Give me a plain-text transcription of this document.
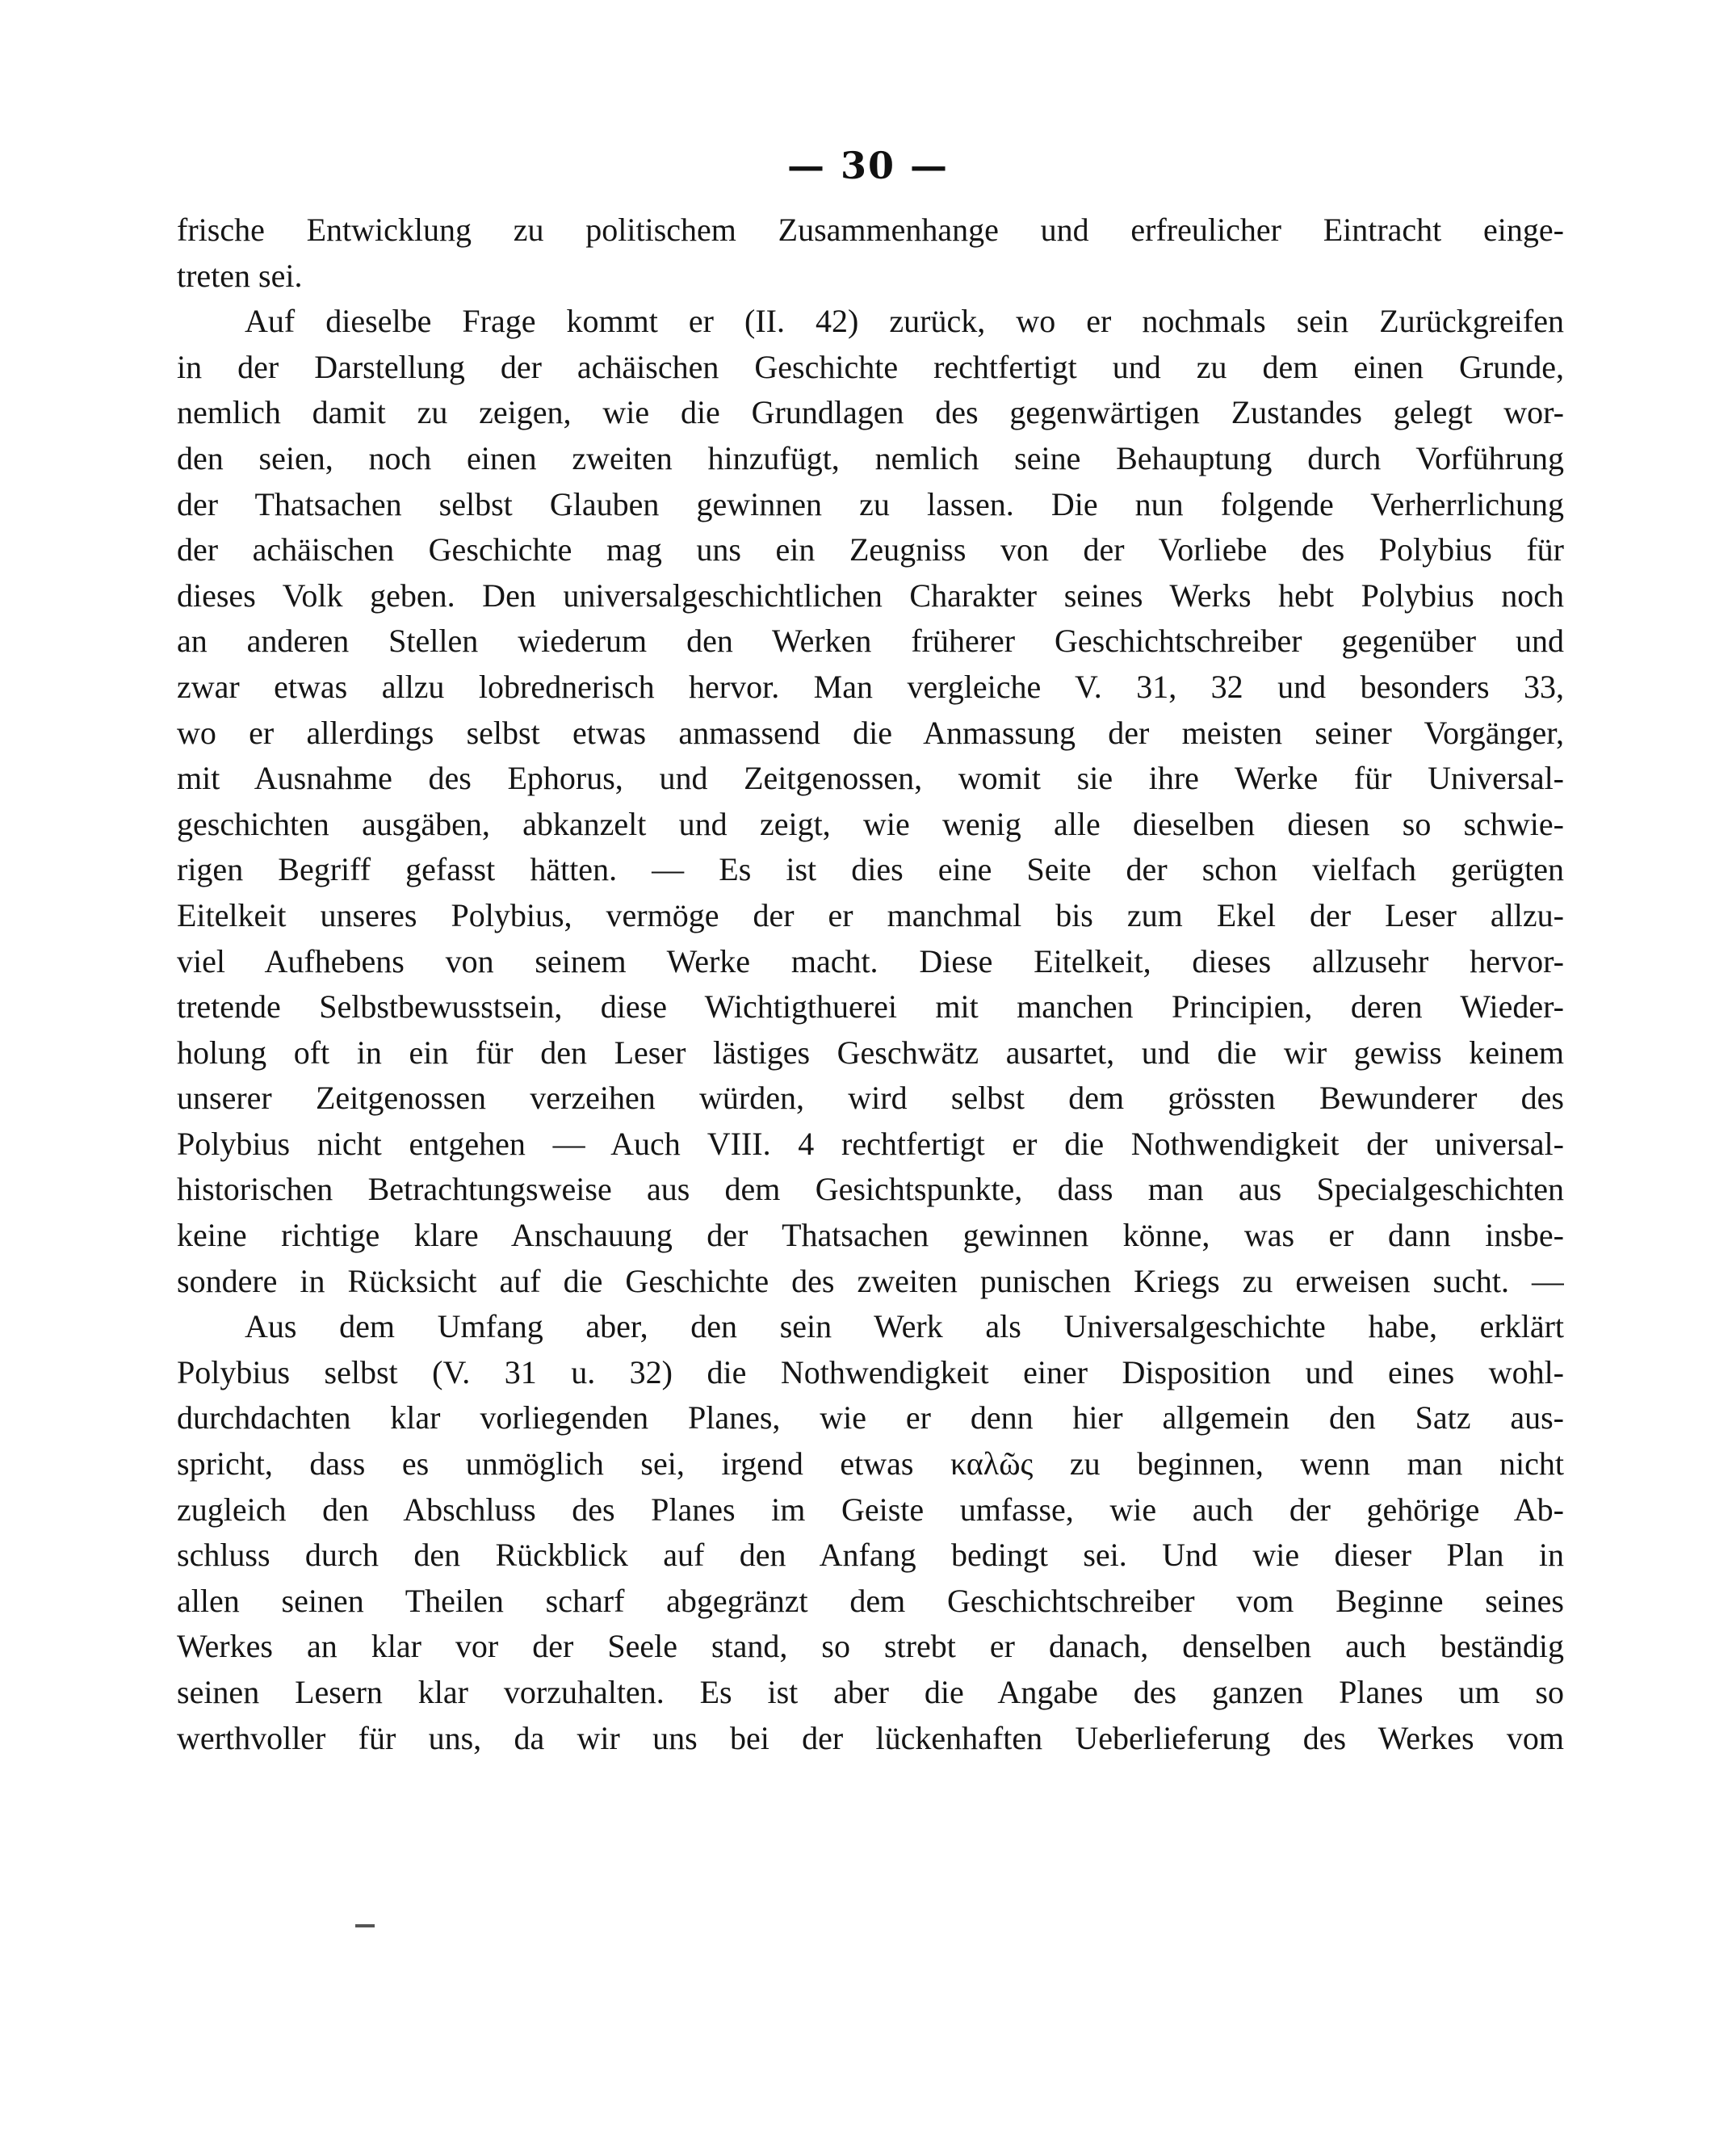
— 30 —
frische Entwicklung zu politischem Zusammenhange und erfreulicher Eintracht einge-
treten sei.
Auf dieselbe Frage kommt er (II. 42) zurück, wo er nochmals sein Zurückgreifen
in der Darstellung der achäischen Geschichte rechtfertigt und zu dem einen Grunde,
nemlich damit zu zeigen, wie die Grundlagen des gegenwärtigen Zustandes gelegt wor-
den seien, noch einen zweiten hinzufügt, nemlich seine Behauptung durch Vorführung
der Thatsachen selbst Glauben gewinnen zu lassen. Die nun folgende Verherrlichung
der achäischen Geschichte mag uns ein Zeugniss von der Vorliebe des Polybius für
dieses Volk geben. Den universalgeschichtlichen Charakter seines Werks hebt Polybius noch
an anderen Stellen wiederum den Werken früherer Geschichtschreiber gegenüber und
zwar etwas allzu lobrednerisch hervor. Man vergleiche V. 31, 32 und besonders 33,
wo er allerdings selbst etwas anmassend die Anmassung der meisten seiner Vorgänger,
mit Ausnahme des Ephorus, und Zeitgenossen, womit sie ihre Werke für Universal-
geschichten ausgäben, abkanzelt und zeigt, wie wenig alle dieselben diesen so schwie-
rigen Begriff gefasst hätten. — Es ist dies eine Seite der schon vielfach gerügten
Eitelkeit unseres Polybius, vermöge der er manchmal bis zum Ekel der Leser allzu-
viel Aufhebens von seinem Werke macht. Diese Eitelkeit, dieses allzusehr hervor-
tretende Selbstbewusstsein, diese Wichtigthuerei mit manchen Principien, deren Wieder-
holung oft in ein für den Leser lästiges Geschwätz ausartet, und die wir gewiss keinem
unserer Zeitgenossen verzeihen würden, wird selbst dem grössten Bewunderer des
Polybius nicht entgehen — Auch VIII. 4 rechtfertigt er die Nothwendigkeit der universal-
historischen Betrachtungsweise aus dem Gesichtspunkte, dass man aus Specialgeschichten
keine richtige klare Anschauung der Thatsachen gewinnen könne, was er dann insbe-
sondere in Rücksicht auf die Geschichte des zweiten punischen Kriegs zu erweisen sucht. —
Aus dem Umfang aber, den sein Werk als Universalgeschichte habe, erklärt
Polybius selbst (V. 31 u. 32) die Nothwendigkeit einer Disposition und eines wohl-
durchdachten klar vorliegenden Planes, wie er denn hier allgemein den Satz aus-
spricht, dass es unmöglich sei, irgend etwas καλῶς zu beginnen, wenn man nicht
zugleich den Abschluss des Planes im Geiste umfasse, wie auch der gehörige Ab-
schluss durch den Rückblick auf den Anfang bedingt sei. Und wie dieser Plan in
allen seinen Theilen scharf abgegränzt dem Geschichtschreiber vom Beginne seines
Werkes an klar vor der Seele stand, so strebt er danach, denselben auch beständig
seinen Lesern klar vorzuhalten. Es ist aber die Angabe des ganzen Planes um so
werthvoller für uns, da wir uns bei der lückenhaften Ueberlieferung des Werkes vom
